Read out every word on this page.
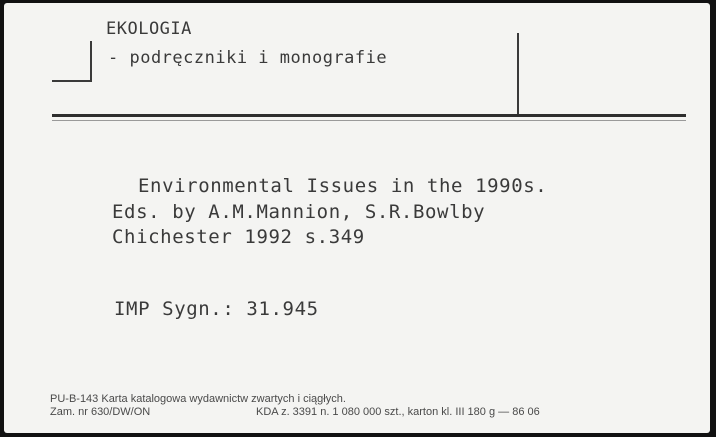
EKOLOGIA
- podręczniki i monografie
Environmental Issues in the 1990s.
Eds. by A.M.Mannion, S.R.Bowlby
Chichester 1992 s.349
IMP Sygn.: 31.945
PU-B-143 Karta katalogowa wydawnictw zwartych i ciągłych.
Zam. nr 630/DW/ON	KDA z. 3391 n. 1 080 000 szt., karton kl. III 180 g — 86 06
